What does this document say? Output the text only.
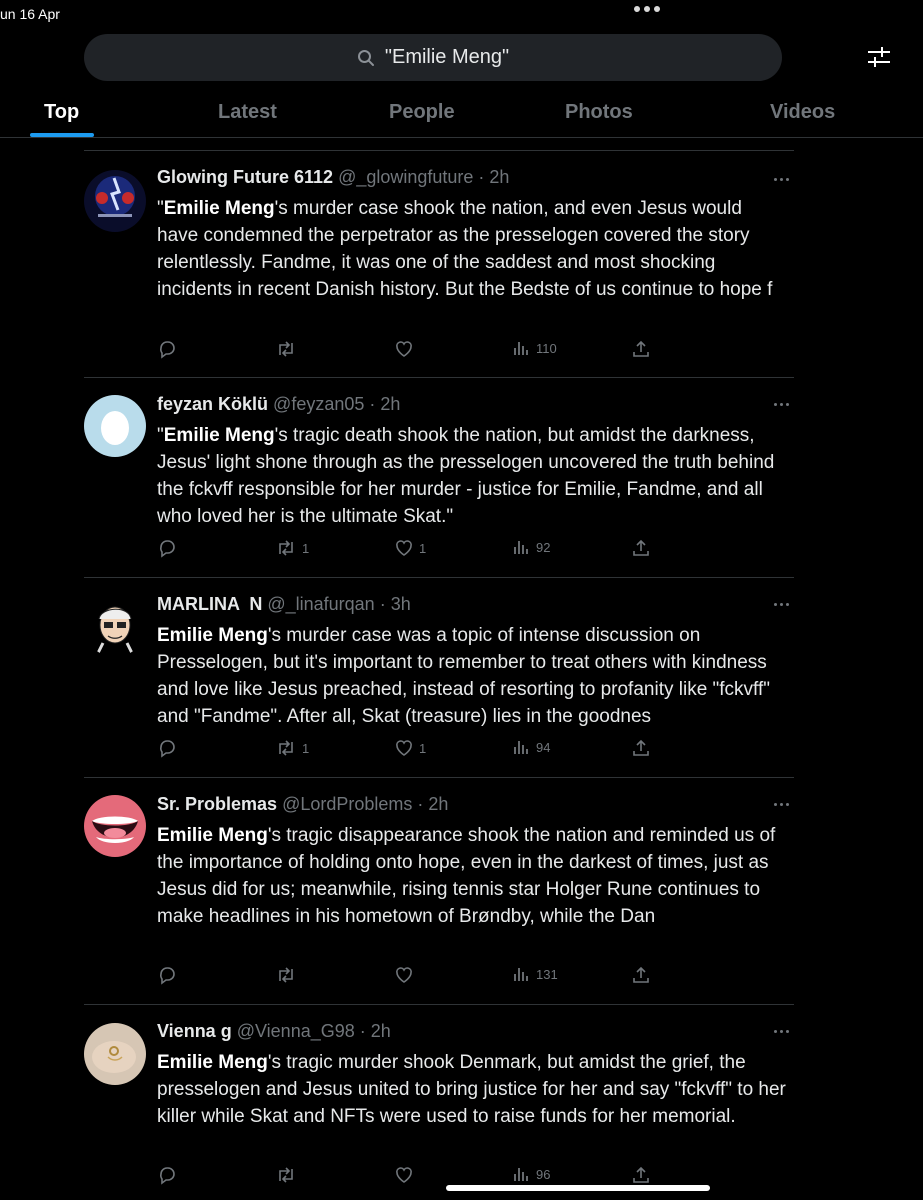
un 16 Apr
"Emilie Meng"
Top	Latest	People	Photos	Videos
Glowing Future 6112 @_glowingfuture · 2h
"Emilie Meng's murder case shook the nation, and even Jesus would have condemned the perpetrator as the presselogen covered the story relentlessly. Fandme, it was one of the saddest and most shocking incidents in recent Danish history. But the Bedste of us continue to hope f
110
feyzan Köklü @feyzan05 · 2h
"Emilie Meng's tragic death shook the nation, but amidst the darkness, Jesus' light shone through as the presselogen uncovered the truth behind the fckvff responsible for her murder - justice for Emilie, Fandme, and all who loved her is the ultimate Skat."
1	1	92
MARLINA  N @_linafurqan · 3h
Emilie Meng's murder case was a topic of intense discussion on Presselogen, but it's important to remember to treat others with kindness and love like Jesus preached, instead of resorting to profanity like "fckvff" and "Fandme". After all, Skat (treasure) lies in the goodnes
1	1	94
Sr. Problemas @LordProblems · 2h
Emilie Meng's tragic disappearance shook the nation and reminded us of the importance of holding onto hope, even in the darkest of times, just as Jesus did for us; meanwhile, rising tennis star Holger Rune continues to make headlines in his hometown of Brøndby, while the Dan
131
Vienna g @Vienna_G98 · 2h
Emilie Meng's tragic murder shook Denmark, but amidst the grief, the presselogen and Jesus united to bring justice for her and say "fckvff" to her killer while Skat and NFTs were used to raise funds for her memorial.
96
